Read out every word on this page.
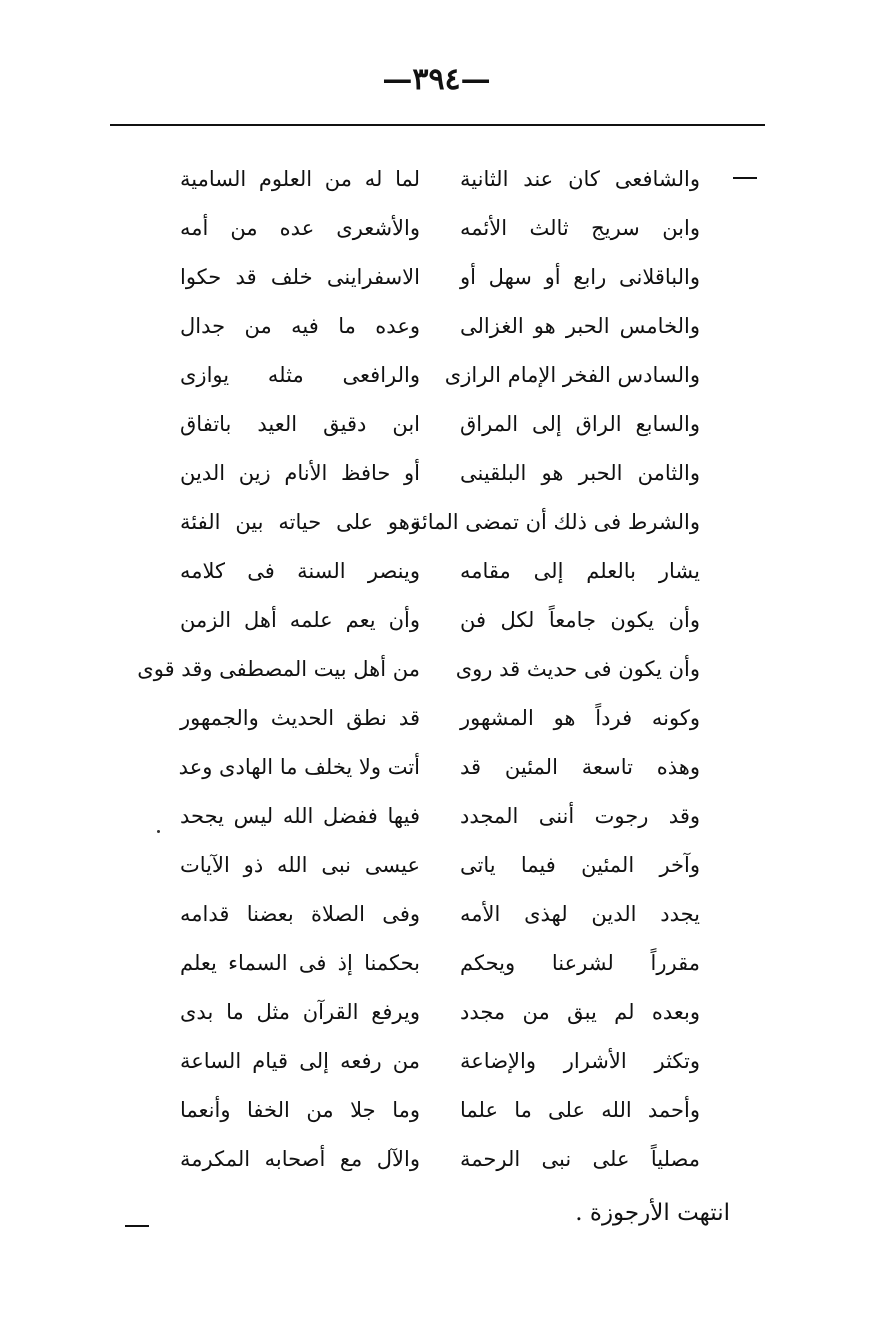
—٣٩٤—
والشافعى كان عند الثانية
لما له من العلوم السامية
وابن سريج ثالث الأئمه
والأشعرى عده من أمه
والباقلانى رابع أو سهل أو
الاسفراينى خلف قد حكوا
والخامس الحبر هو الغزالى
وعده ما فيه من جدال
والسادس الفخر الإمام الرازى
والرافعى مثله يوازى
والسابع الراق إلى المراق
ابن دقيق العيد باتفاق
والثامن الحبر هو البلقينى
أو حافظ الأنام زين الدين
والشرط فى ذلك أن تمضى المائة
وهو على حياته بين الفئة
يشار بالعلم إلى مقامه
وينصر السنة فى كلامه
وأن يكون جامعاً لكل فن
وأن يعم علمه أهل الزمن
وأن يكون فى حديث قد روى
من أهل بيت المصطفى وقد قوى
وكونه فرداً هو المشهور
قد نطق الحديث والجمهور
وهذه تاسعة المئين قد
أتت ولا يخلف ما الهادى وعد
وقد رجوت أننى المجدد
فيها ففضل الله ليس يجحد
وآخر المئين فيما ياتى
عيسى نبى الله ذو الآيات
يجدد الدين لهذى الأمه
وفى الصلاة بعضنا قدامه
مقرراً لشرعنا ويحكم
بحكمنا إذ فى السماء يعلم
وبعده لم يبق من مجدد
ويرفع القرآن مثل ما بدى
وتكثر الأشرار والإضاعة
من رفعه إلى قيام الساعة
وأحمد الله على ما علما
وما جلا من الخفا وأنعما
مصلياً على نبى الرحمة
والآل مع أصحابه المكرمة
انتهت الأرجوزة .
